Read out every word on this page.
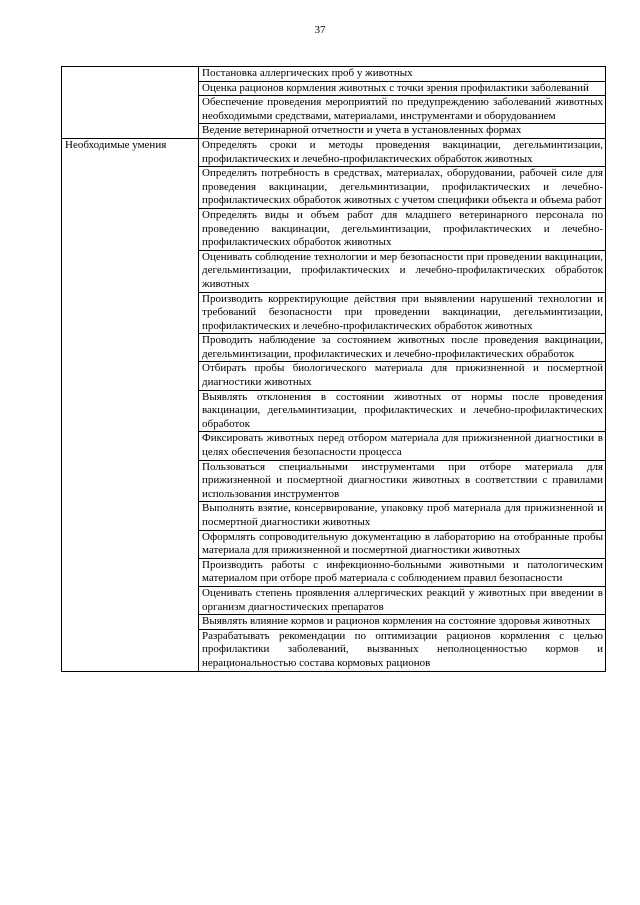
37
	Постановка аллергических проб у животных
	Оценка рационов кормления животных с точки зрения профилактики заболеваний
	Обеспечение проведения мероприятий по предупреждению заболеваний животных необходимыми средствами, материалами, инструментами и оборудованием
	Ведение ветеринарной отчетности и учета в установленных формах
Необходимые умения	Определять сроки и методы проведения вакцинации, дегельминтизации, профилактических и лечебно-профилактических обработок животных
	Определять потребность в средствах, материалах, оборудовании, рабочей силе для проведения вакцинации, дегельминтизации, профилактических и лечебно-профилактических обработок животных с учетом специфики объекта и объема работ
	Определять виды и объем работ для младшего ветеринарного персонала по проведению вакцинации, дегельминтизации, профилактических и лечебно-профилактических обработок животных
	Оценивать соблюдение технологии и мер безопасности при проведении вакцинации, дегельминтизации, профилактических и лечебно-профилактических обработок животных
	Производить корректирующие действия при выявлении нарушений технологии и требований безопасности при проведении вакцинации, дегельминтизации, профилактических и лечебно-профилактических обработок животных
	Проводить наблюдение за состоянием животных после проведения вакцинации, дегельминтизации, профилактических и лечебно-профилактических обработок
	Отбирать пробы биологического материала для прижизненной и посмертной диагностики животных
	Выявлять отклонения в состоянии животных от нормы после проведения вакцинации, дегельминтизации, профилактических и лечебно-профилактических обработок
	Фиксировать животных перед отбором материала для прижизненной диагностики в целях обеспечения безопасности процесса
	Пользоваться специальными инструментами при отборе материала для прижизненной и посмертной диагностики животных в соответствии с правилами использования инструментов
	Выполнять взятие, консервирование, упаковку проб материала для прижизненной и посмертной диагностики животных
	Оформлять сопроводительную документацию в лабораторию на отобранные пробы материала для прижизненной и посмертной диагностики животных
	Производить работы с инфекционно-больными животными и патологическим материалом при отборе проб материала с соблюдением правил безопасности
	Оценивать степень проявления аллергических реакций у животных при введении в организм диагностических препаратов
	Выявлять влияние кормов и рационов кормления на состояние здоровья животных
	Разрабатывать рекомендации по оптимизации рационов кормления с целью профилактики заболеваний, вызванных неполноценностью кормов и нерациональностью состава кормовых рационов
